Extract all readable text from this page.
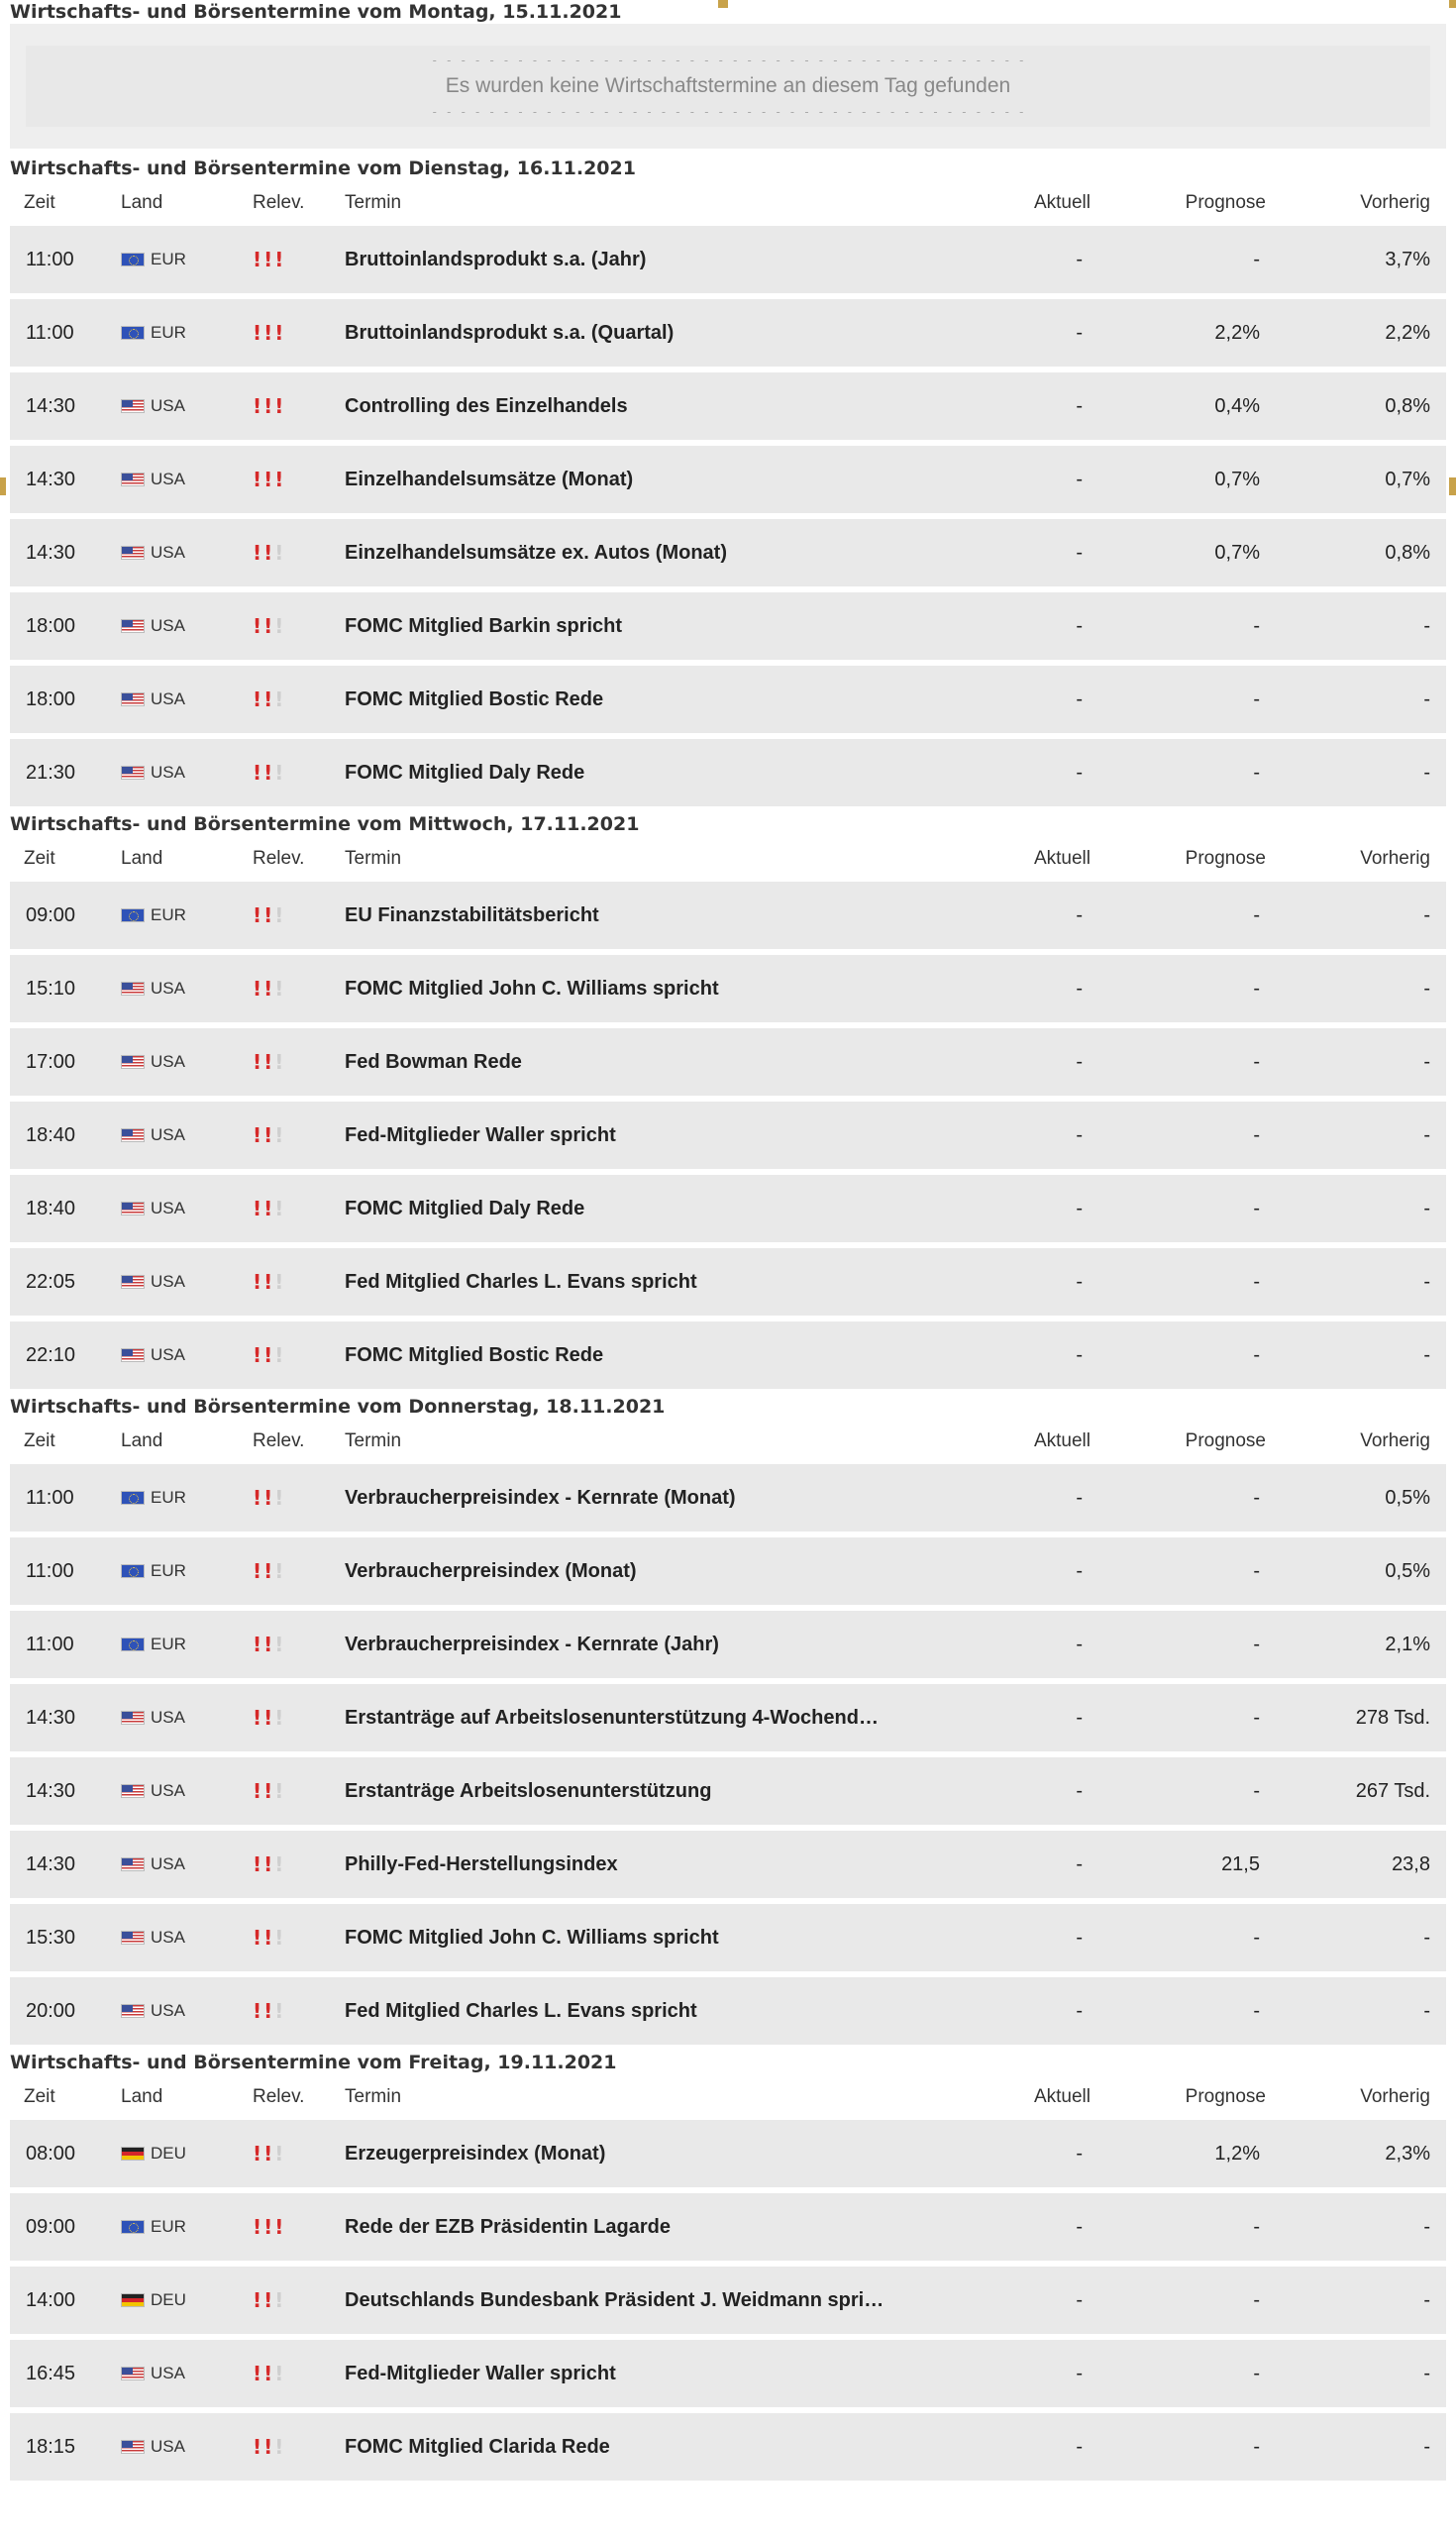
Wirtschafts- und Börsentermine vom Montag, 15.11.2021
- - - - - - - - - - - - - - - - - - - - - - - - - - - - - - - - - - - - - - - - - -
Es wurden keine Wirtschaftstermine an diesem Tag gefunden
- - - - - - - - - - - - - - - - - - - - - - - - - - - - - - - - - - - - - - - - - -
Wirtschafts- und Börsentermine vom Dienstag, 16.11.2021
Zeit	Land	Relev.	Termin	Aktuell	Prognose	Vorherig
11:00	EUR	! ! !	Bruttoinlandsprodukt s.a. (Jahr)	-	-	3,7%
11:00	EUR	! ! !	Bruttoinlandsprodukt s.a. (Quartal)	-	2,2%	2,2%
14:30	USA	! ! !	Controlling des Einzelhandels	-	0,4%	0,8%
14:30	USA	! ! !	Einzelhandelsumsätze (Monat)	-	0,7%	0,7%
14:30	USA	! ! !	Einzelhandelsumsätze ex. Autos (Monat)	-	0,7%	0,8%
18:00	USA	! ! !	FOMC Mitglied Barkin spricht	-	-	-
18:00	USA	! ! !	FOMC Mitglied Bostic Rede	-	-	-
21:30	USA	! ! !	FOMC Mitglied Daly Rede	-	-	-
Wirtschafts- und Börsentermine vom Mittwoch, 17.11.2021
Zeit	Land	Relev.	Termin	Aktuell	Prognose	Vorherig
09:00	EUR	! ! !	EU Finanzstabilitätsbericht	-	-	-
15:10	USA	! ! !	FOMC Mitglied John C. Williams spricht	-	-	-
17:00	USA	! ! !	Fed Bowman Rede	-	-	-
18:40	USA	! ! !	Fed-Mitglieder Waller spricht	-	-	-
18:40	USA	! ! !	FOMC Mitglied Daly Rede	-	-	-
22:05	USA	! ! !	Fed Mitglied Charles L. Evans spricht	-	-	-
22:10	USA	! ! !	FOMC Mitglied Bostic Rede	-	-	-
Wirtschafts- und Börsentermine vom Donnerstag, 18.11.2021
Zeit	Land	Relev.	Termin	Aktuell	Prognose	Vorherig
11:00	EUR	! ! !	Verbraucherpreisindex - Kernrate (Monat)	-	-	0,5%
11:00	EUR	! ! !	Verbraucherpreisindex (Monat)	-	-	0,5%
11:00	EUR	! ! !	Verbraucherpreisindex - Kernrate (Jahr)	-	-	2,1%
14:30	USA	! ! !	Erstanträge auf Arbeitslosenunterstützung 4-Wochend…	-	-	278 Tsd.
14:30	USA	! ! !	Erstanträge Arbeitslosenunterstützung	-	-	267 Tsd.
14:30	USA	! ! !	Philly-Fed-Herstellungsindex	-	21,5	23,8
15:30	USA	! ! !	FOMC Mitglied John C. Williams spricht	-	-	-
20:00	USA	! ! !	Fed Mitglied Charles L. Evans spricht	-	-	-
Wirtschafts- und Börsentermine vom Freitag, 19.11.2021
Zeit	Land	Relev.	Termin	Aktuell	Prognose	Vorherig
08:00	DEU	! ! !	Erzeugerpreisindex (Monat)	-	1,2%	2,3%
09:00	EUR	! ! !	Rede der EZB Präsidentin Lagarde	-	-	-
14:00	DEU	! ! !	Deutschlands Bundesbank Präsident J. Weidmann spri…	-	-	-
16:45	USA	! ! !	Fed-Mitglieder Waller spricht	-	-	-
18:15	USA	! ! !	FOMC Mitglied Clarida Rede	-	-	-
